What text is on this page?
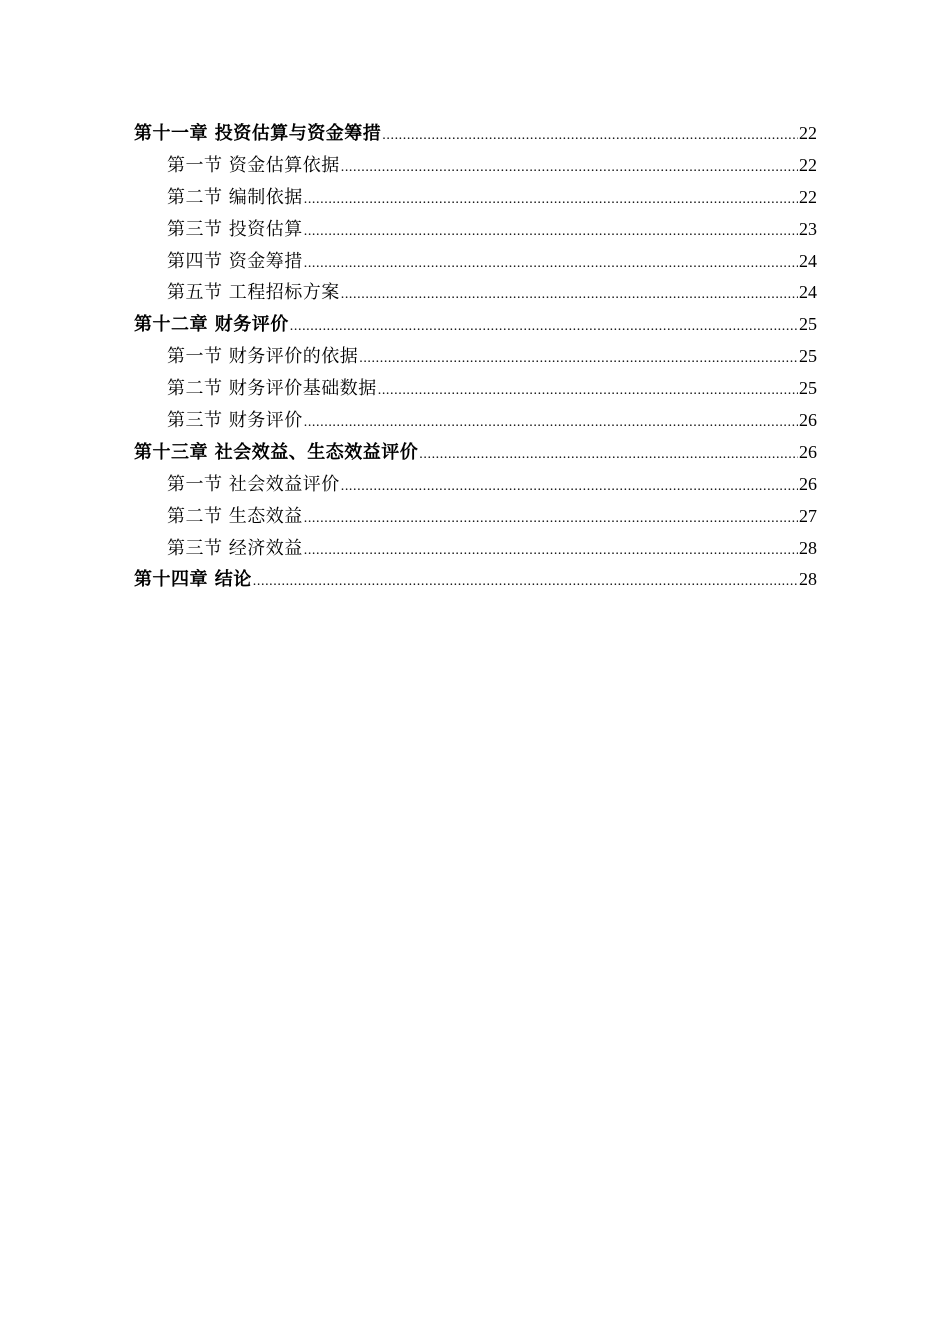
第十一章 投资估算与资金筹措 .....	22
第一节 资金估算依据 .....	22
第二节 编制依据 .....	22
第三节 投资估算 .....	23
第四节 资金筹措 .....	24
第五节 工程招标方案 .....	24
第十二章 财务评价 .....	25
第一节 财务评价的依据 .....	25
第二节 财务评价基础数据 .....	25
第三节 财务评价 .....	26
第十三章 社会效益、生态效益评价 .....	26
第一节 社会效益评价 .....	26
第二节 生态效益 .....	27
第三节 经济效益 .....	28
第十四章 结论 .....	28
